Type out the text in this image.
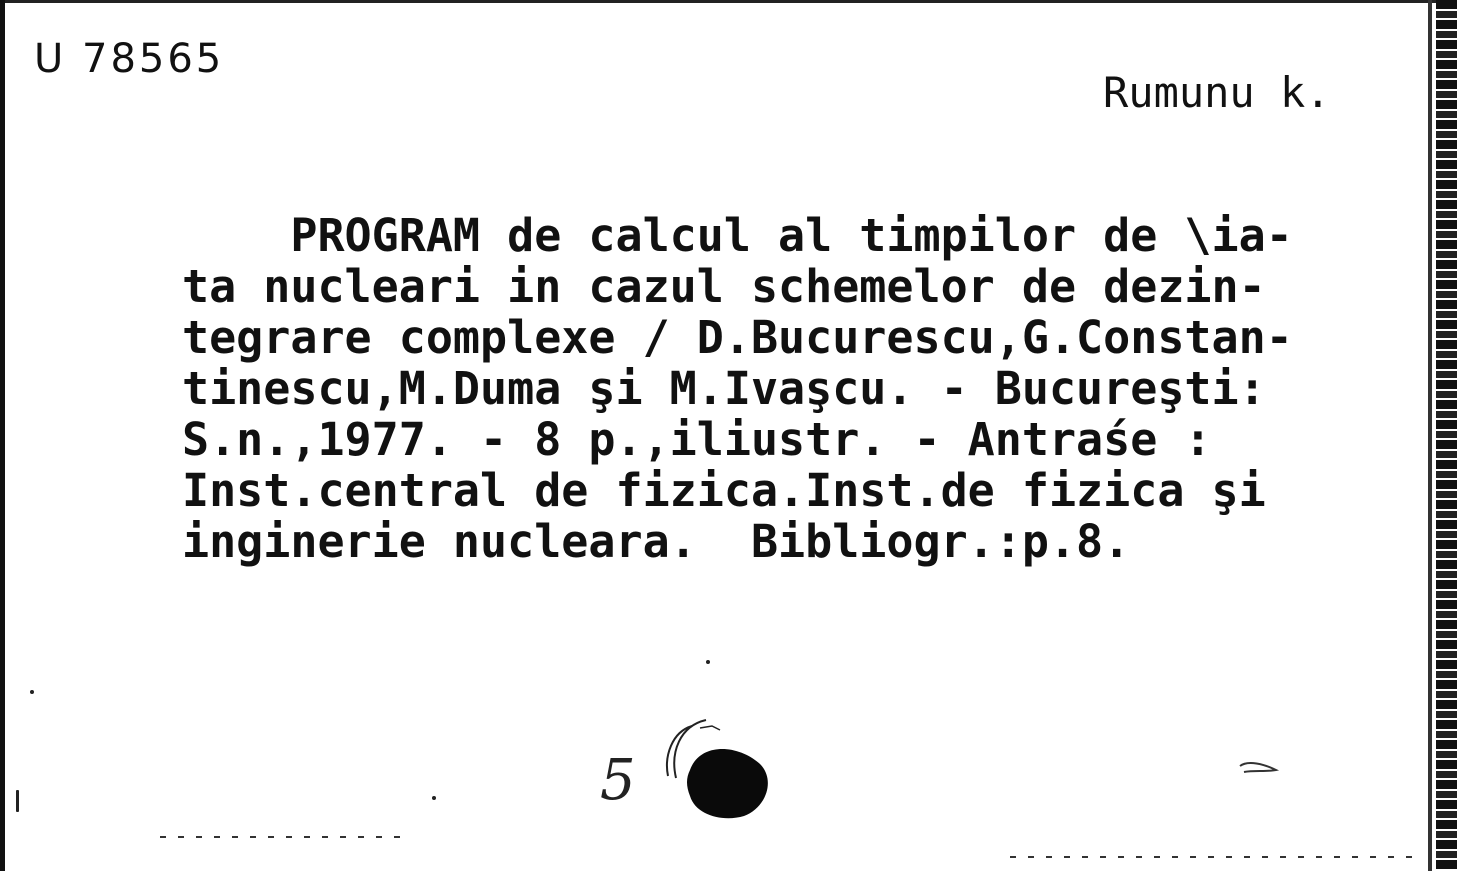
U 78565
Rumunu k.
PROGRAM de calcul al timpilor de \ia-
ta nucleari in cazul schemelor de dezin-
tegrare complexe / D.Bucurescu,G.Constan-
tinescu,M.Duma şi M.Ivaşcu. - Bucureşti:
S.n.,1977. - 8 p.,iliustr. - Antraśe :
Inst.central de fizica.Inst.de fizica şi
inginerie nucleara.  Bibliogr.:p.8.
5
